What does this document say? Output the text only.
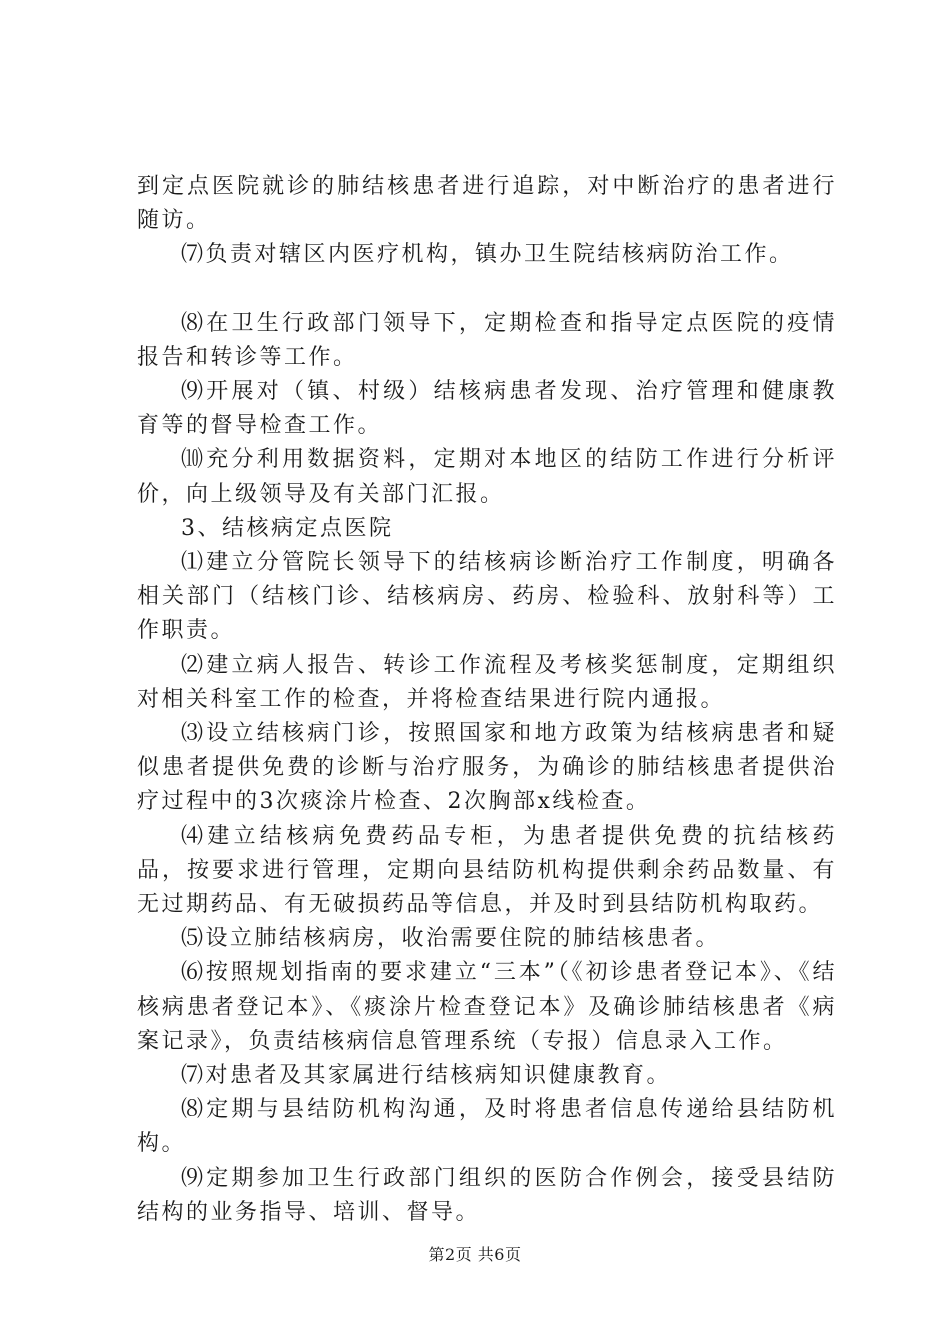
到定点医院就诊的肺结核患者进行追踪，对中断治疗的患者进行随访。

⑺负责对辖区内医疗机构，镇办卫生院结核病防治工作。

⑻在卫生行政部门领导下，定期检查和指导定点医院的疫情报告和转诊等工作。

⑼开展对（镇、村级）结核病患者发现、治疗管理和健康教育等的督导检查工作。

⑽充分利用数据资料，定期对本地区的结防工作进行分析评价，向上级领导及有关部门汇报。

3、结核病定点医院

⑴建立分管院长领导下的结核病诊断治疗工作制度，明确各相关部门（结核门诊、结核病房、药房、检验科、放射科等）工作职责。

⑵建立病人报告、转诊工作流程及考核奖惩制度，定期组织对相关科室工作的检查，并将检查结果进行院内通报。

⑶设立结核病门诊，按照国家和地方政策为结核病患者和疑似患者提供免费的诊断与治疗服务，为确诊的肺结核患者提供治疗过程中的3次痰涂片检查、2次胸部x线检查。

⑷建立结核病免费药品专柜，为患者提供免费的抗结核药品，按要求进行管理，定期向县结防机构提供剩余药品数量、有无过期药品、有无破损药品等信息，并及时到县结防机构取药。

⑸设立肺结核病房，收治需要住院的肺结核患者。

⑹按照规划指南的要求建立“三本”（《初诊患者登记本》、《结核病患者登记本》、《痰涂片检查登记本》及确诊肺结核患者《病案记录》，负责结核病信息管理系统（专报）信息录入工作。

⑺对患者及其家属进行结核病知识健康教育。

⑻定期与县结防机构沟通，及时将患者信息传递给县结防机构。

⑼定期参加卫生行政部门组织的医防合作例会，接受县结防结构的业务指导、培训、督导。

第2页 共6页
